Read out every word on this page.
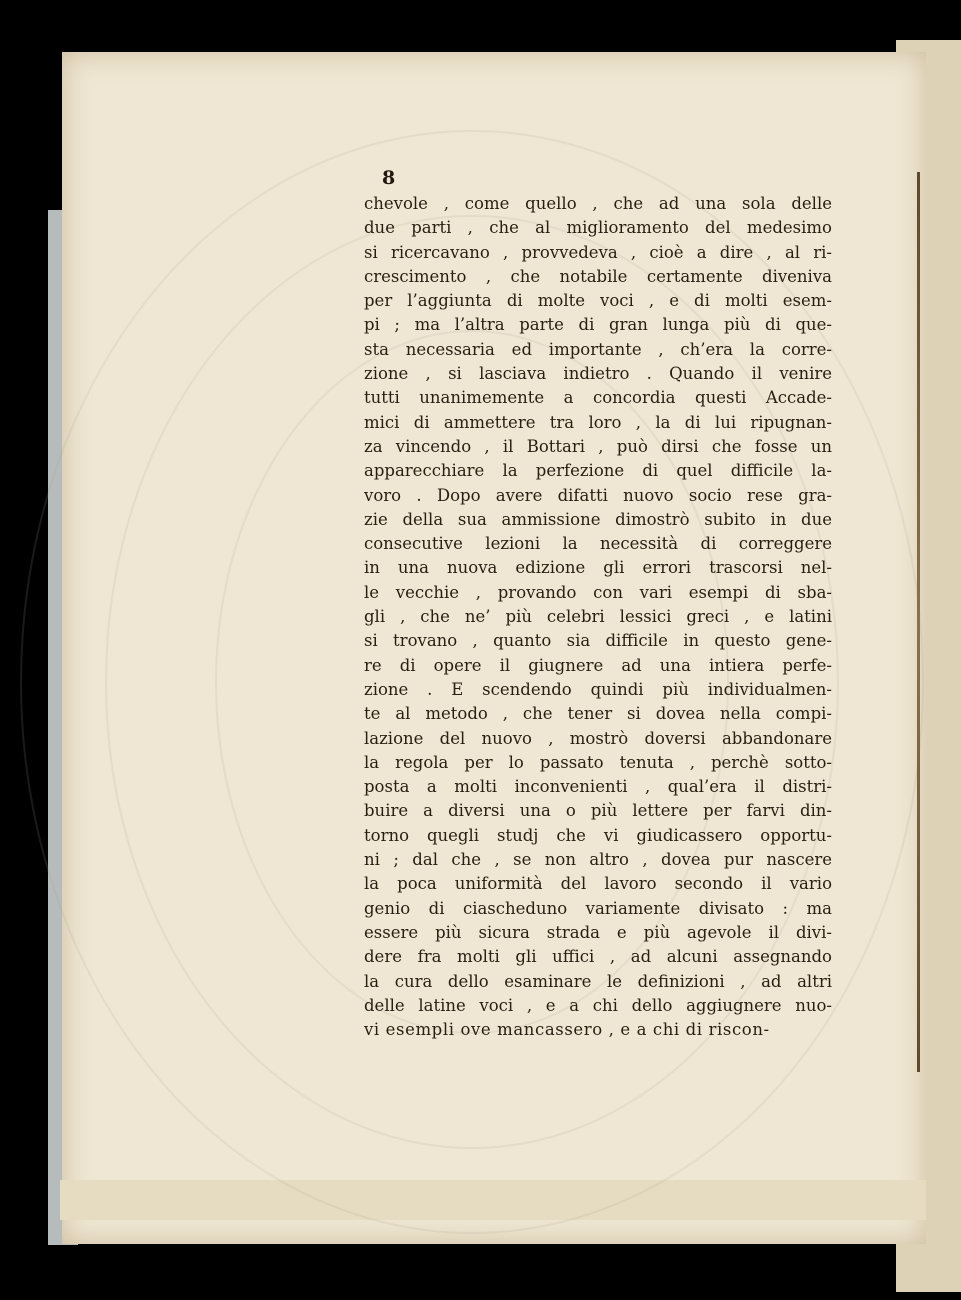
8
chevole , come quello , che ad una sola delle
due parti , che al miglioramento del medesimo
si ricercavano , provvedeva , cioè a dire , al ri-
crescimento , che notabile certamente diveniva
per l’aggiunta di molte voci , e di molti esem-
pi ; ma l’altra parte di gran lunga più di que-
sta necessaria ed importante , ch’era la corre-
zione , si lasciava indietro . Quando il venire
tutti unanimemente a concordia questi Accade-
mici di ammettere tra loro , la di lui ripugnan-
za vincendo , il Bottari , può dirsi che fosse un
apparecchiare la perfezione di quel difficile la-
voro . Dopo avere difatti nuovo socio rese gra-
zie della sua ammissione dimostrò subito in due
consecutive lezioni la necessità di correggere
in una nuova edizione gli errori trascorsi nel-
le vecchie , provando con vari esempi di sba-
gli , che ne’ più celebri lessici greci , e latini
si trovano , quanto sia difficile in questo gene-
re di opere il giugnere ad una intiera perfe-
zione . E scendendo quindi più individualmen-
te al metodo , che tener si dovea nella compi-
lazione del nuovo , mostrò doversi abbandonare
la regola per lo passato tenuta , perchè sotto-
posta a molti inconvenienti , qual’era il distri-
buire a diversi una o più lettere per farvi din-
torno quegli studj che vi giudicassero opportu-
ni ; dal che , se non altro , dovea pur nascere
la poca uniformità del lavoro secondo il vario
genio di ciascheduno variamente divisato : ma
essere più sicura strada e più agevole il divi-
dere fra molti gli uffici , ad alcuni assegnando
la cura dello esaminare le definizioni , ad altri
delle latine voci , e a chi dello aggiugnere nuo-
vi esempli ove mancassero , e a chi di riscon-
